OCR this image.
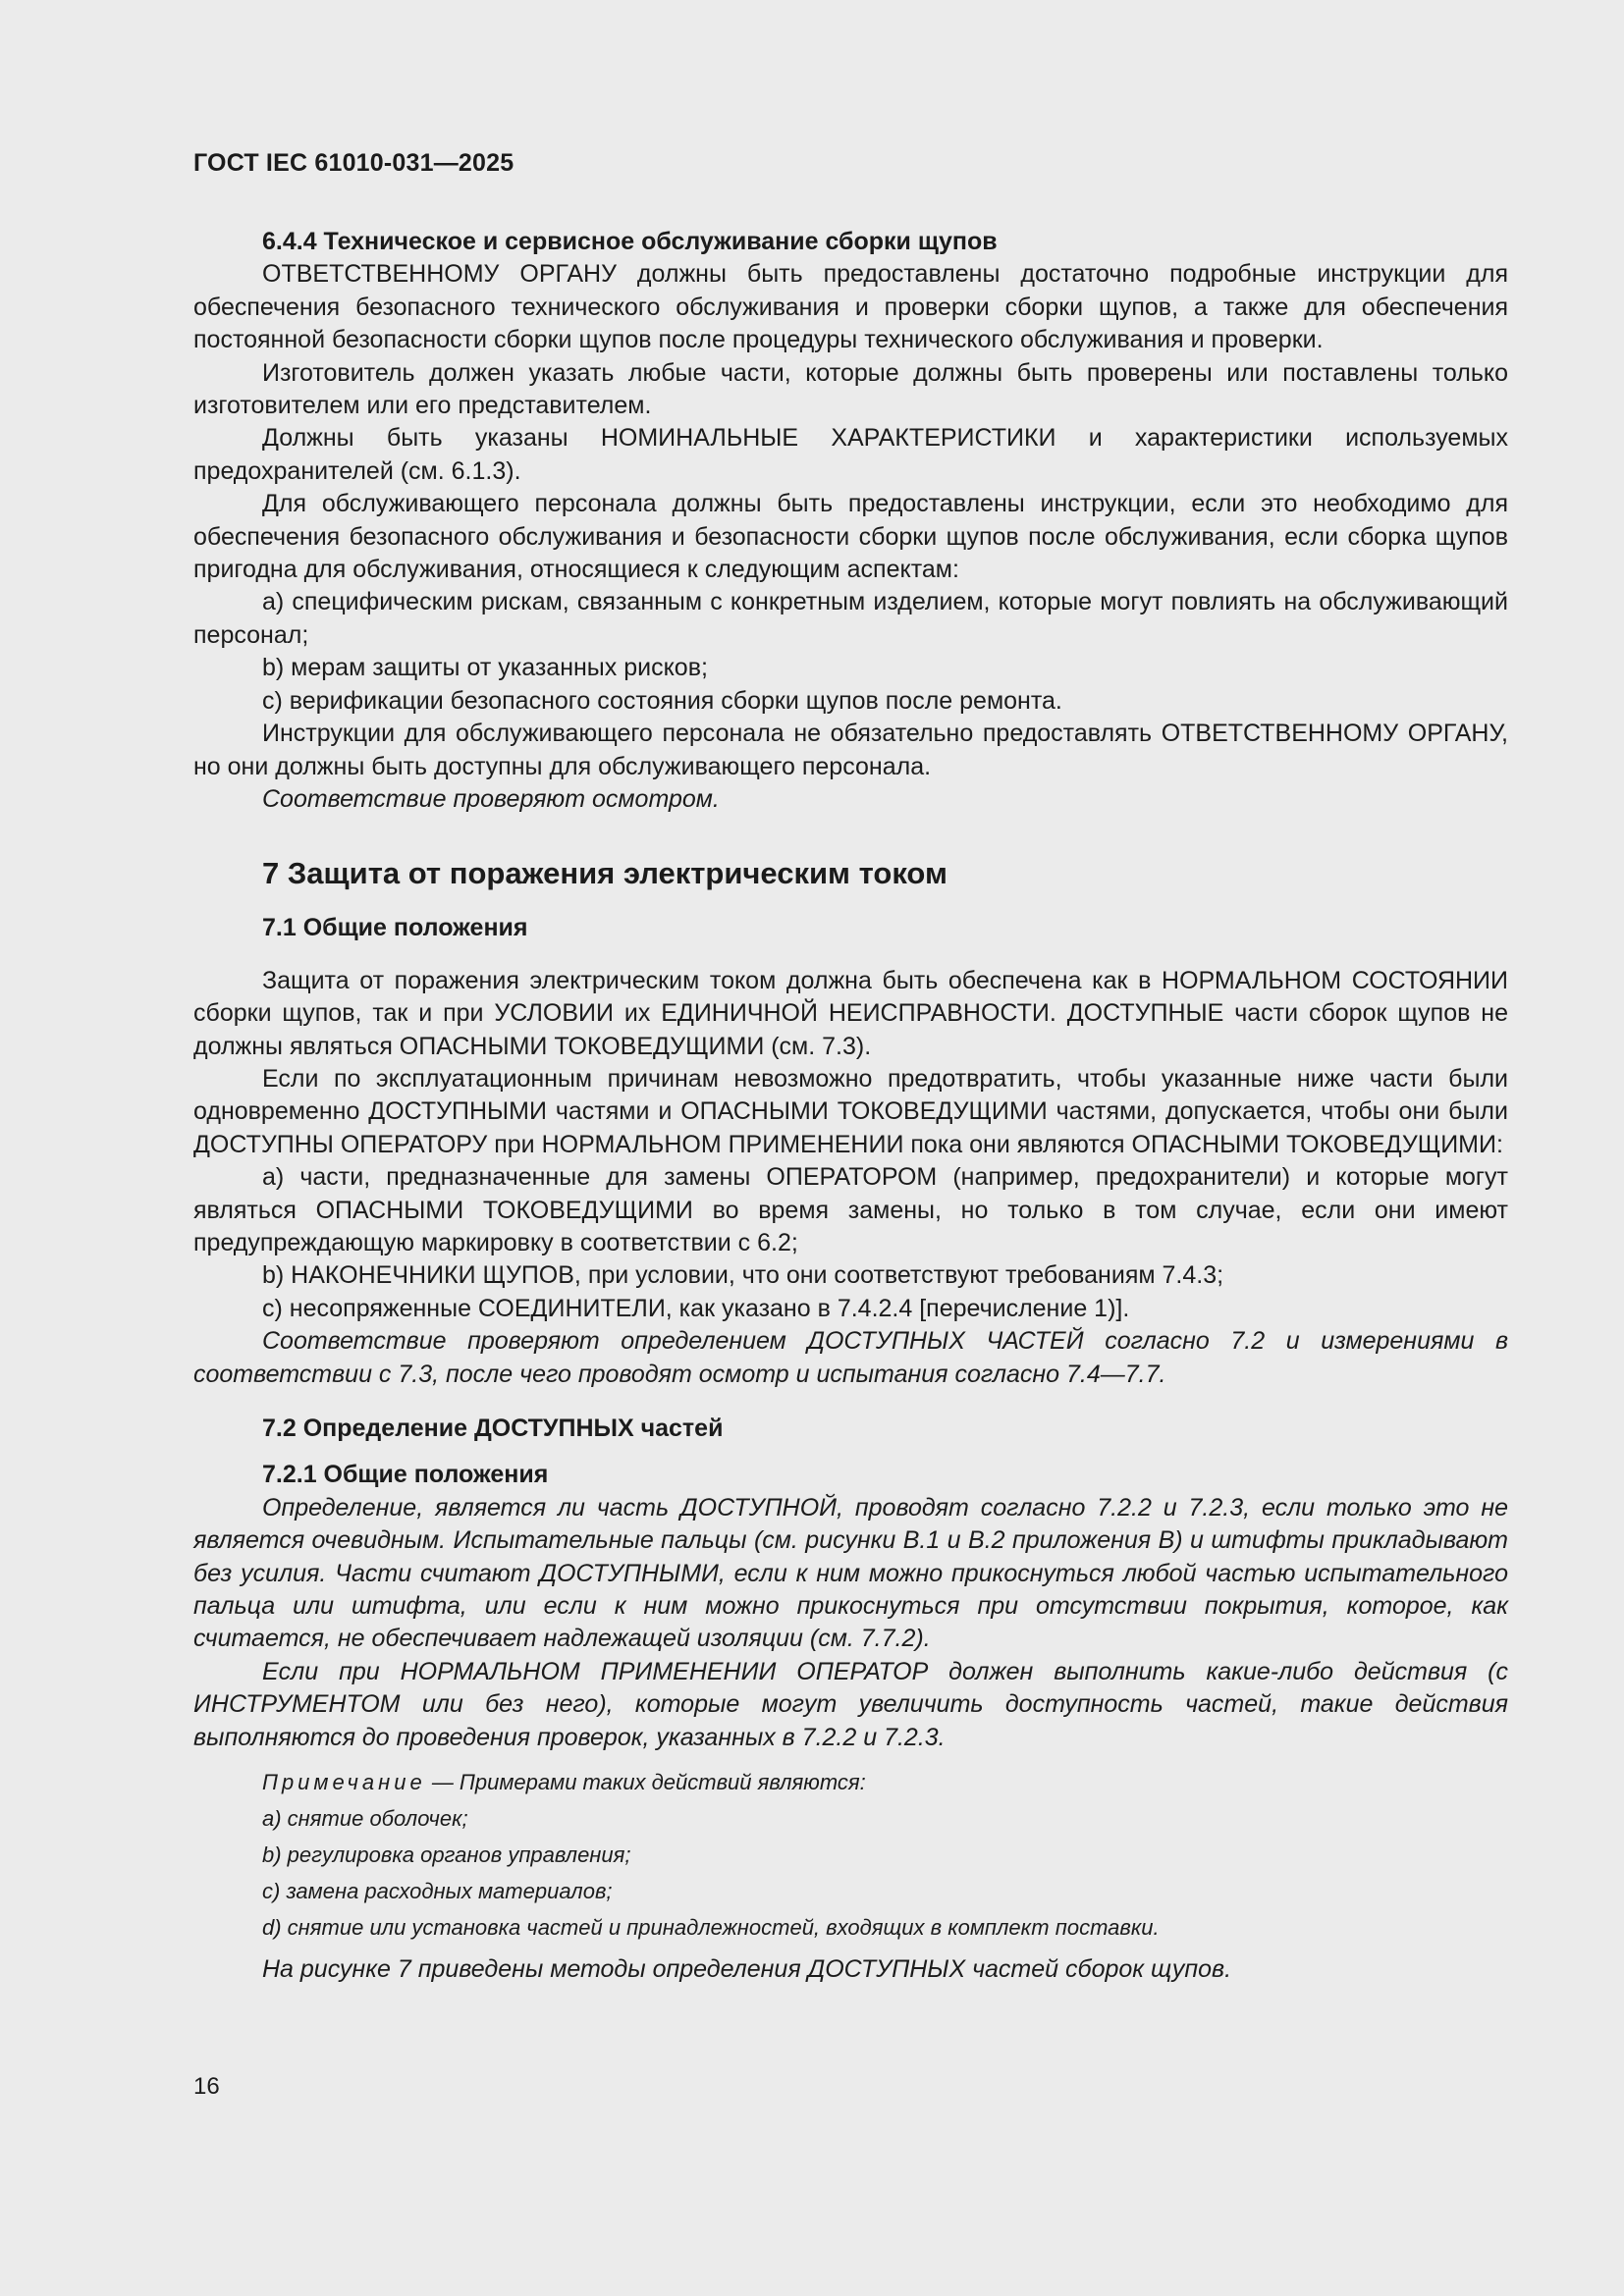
ГОСТ IEC 61010-031—2025
6.4.4 Техническое и сервисное обслуживание сборки щупов

ОТВЕТСТВЕННОМУ ОРГАНУ должны быть предоставлены достаточно подробные инструкции для обеспечения безопасного технического обслуживания и проверки сборки щупов, а также для обеспечения постоянной безопасности сборки щупов после процедуры технического обслуживания и проверки.

Изготовитель должен указать любые части, которые должны быть проверены или поставлены только изготовителем или его представителем.

Должны быть указаны НОМИНАЛЬНЫЕ ХАРАКТЕРИСТИКИ и характеристики используемых предохранителей (см. 6.1.3).

Для обслуживающего персонала должны быть предоставлены инструкции, если это необходимо для обеспечения безопасного обслуживания и безопасности сборки щупов после обслуживания, если сборка щупов пригодна для обслуживания, относящиеся к следующим аспектам:

a) специфическим рискам, связанным с конкретным изделием, которые могут повлиять на обслуживающий персонал;

b) мерам защиты от указанных рисков;

c) верификации безопасного состояния сборки щупов после ремонта.

Инструкции для обслуживающего персонала не обязательно предоставлять ОТВЕТСТВЕННОМУ ОРГАНУ, но они должны быть доступны для обслуживающего персонала.

Соответствие проверяют осмотром.

7 Защита от поражения электрическим током
7.1 Общие положения

Защита от поражения электрическим током должна быть обеспечена как в НОРМАЛЬНОМ СОСТОЯНИИ сборки щупов, так и при УСЛОВИИ их ЕДИНИЧНОЙ НЕИСПРАВНОСТИ. ДОСТУПНЫЕ части сборок щупов не должны являться ОПАСНЫМИ ТОКОВЕДУЩИМИ (см. 7.3).

Если по эксплуатационным причинам невозможно предотвратить, чтобы указанные ниже части были одновременно ДОСТУПНЫМИ частями и ОПАСНЫМИ ТОКОВЕДУЩИМИ частями, допускается, чтобы они были ДОСТУПНЫ ОПЕРАТОРУ при НОРМАЛЬНОМ ПРИМЕНЕНИИ пока они являются ОПАСНЫМИ ТОКОВЕДУЩИМИ:

a) части, предназначенные для замены ОПЕРАТОРОМ (например, предохранители) и которые могут являться ОПАСНЫМИ ТОКОВЕДУЩИМИ во время замены, но только в том случае, если они имеют предупреждающую маркировку в соответствии с 6.2;

b) НАКОНЕЧНИКИ ЩУПОВ, при условии, что они соответствуют требованиям 7.4.3;

c) несопряженные СОЕДИНИТЕЛИ, как указано в 7.4.2.4 [перечисление 1)].

Соответствие проверяют определением ДОСТУПНЫХ ЧАСТЕЙ согласно 7.2 и измерениями в соответствии с 7.3, после чего проводят осмотр и испытания согласно 7.4—7.7.

7.2 Определение ДОСТУПНЫХ частей
7.2.1 Общие положения

Определение, является ли часть ДОСТУПНОЙ, проводят согласно 7.2.2 и 7.2.3, если только это не является очевидным. Испытательные пальцы (см. рисунки В.1 и В.2 приложения В) и штифты прикладывают без усилия. Части считают ДОСТУПНЫМИ, если к ним можно прикоснуться любой частью испытательного пальца или штифта, или если к ним можно прикоснуться при отсутствии покрытия, которое, как считается, не обеспечивает надлежащей изоляции (см. 7.7.2).

Если при НОРМАЛЬНОМ ПРИМЕНЕНИИ ОПЕРАТОР должен выполнить какие-либо действия (с ИНСТРУМЕНТОМ или без него), которые могут увеличить доступность частей, такие действия выполняются до проведения проверок, указанных в 7.2.2 и 7.2.3.

Примечание — Примерами таких действий являются:
a) снятие оболочек;
b) регулировка органов управления;
c) замена расходных материалов;
d) снятие или установка частей и принадлежностей, входящих в комплект поставки.

На рисунке 7 приведены методы определения ДОСТУПНЫХ частей сборок щупов.

16
